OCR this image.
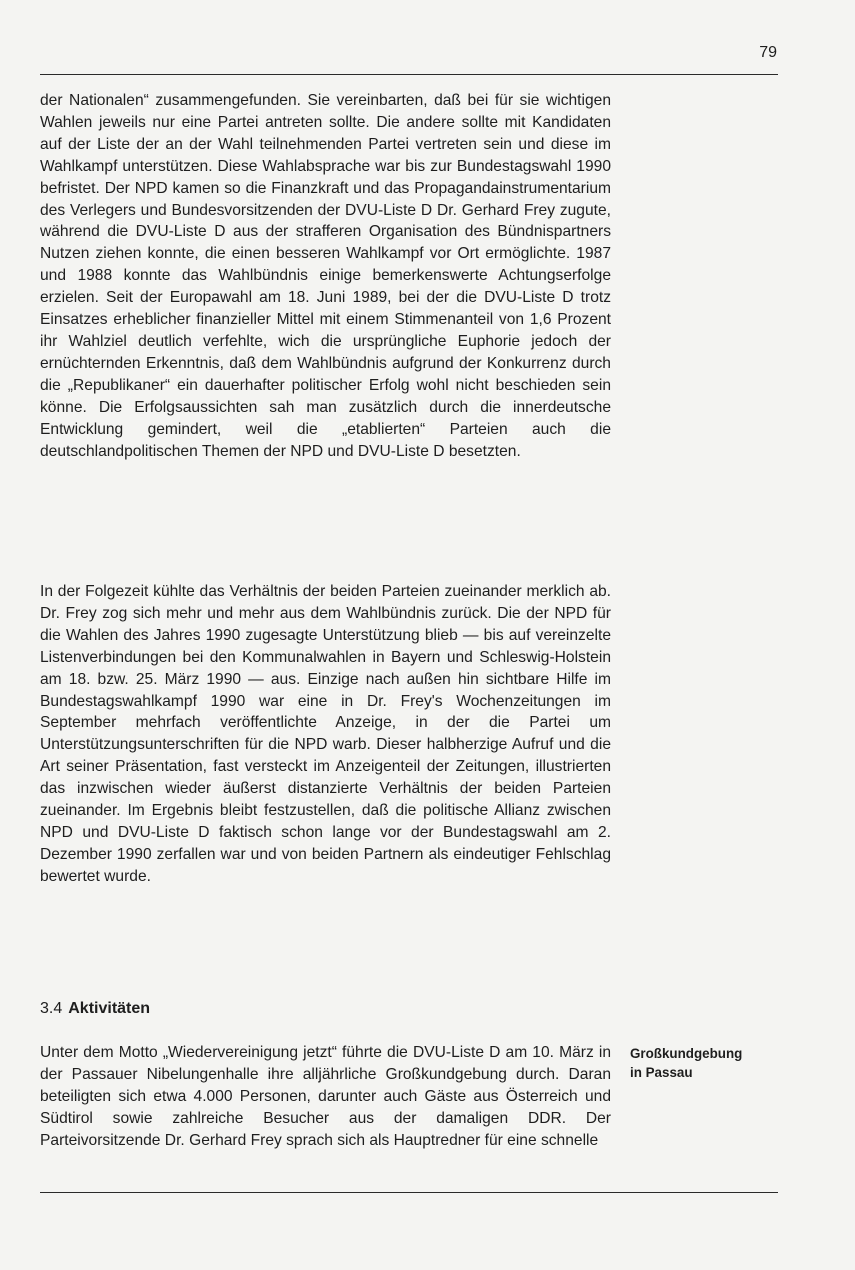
79

der Nationalen“ zusammengefunden. Sie vereinbarten, daß bei für sie wichtigen Wahlen jeweils nur eine Partei antreten sollte. Die andere sollte mit Kandidaten auf der Liste der an der Wahl teilnehmenden Partei vertreten sein und diese im Wahlkampf unterstützen. Diese Wahlabsprache war bis zur Bundestagswahl 1990 befristet. Der NPD kamen so die Finanzkraft und das Propagandainstrumentarium des Verlegers und Bundesvorsitzenden der DVU-Liste D Dr. Gerhard Frey zugute, während die DVU-Liste D aus der strafferen Organisation des Bündnispartners Nutzen ziehen konnte, die einen besseren Wahlkampf vor Ort ermöglichte. 1987 und 1988 konnte das Wahlbündnis einige bemerkenswerte Achtungserfolge erzielen. Seit der Europawahl am 18. Juni 1989, bei der die DVU-Liste D trotz Einsatzes erheblicher finanzieller Mittel mit einem Stimmenanteil von 1,6 Prozent ihr Wahlziel deutlich verfehlte, wich die ursprüngliche Euphorie jedoch der ernüchternden Erkenntnis, daß dem Wahlbündnis aufgrund der Konkurrenz durch die „Republikaner“ ein dauerhafter politischer Erfolg wohl nicht beschieden sein könne. Die Erfolgsaussichten sah man zusätzlich durch die innerdeutsche Entwicklung gemindert, weil die „etablierten“ Parteien auch die deutschlandpolitischen Themen der NPD und DVU-Liste D besetzten.

In der Folgezeit kühlte das Verhältnis der beiden Parteien zueinander merklich ab. Dr. Frey zog sich mehr und mehr aus dem Wahlbündnis zurück. Die der NPD für die Wahlen des Jahres 1990 zugesagte Unterstützung blieb — bis auf vereinzelte Listenverbindungen bei den Kommunalwahlen in Bayern und Schleswig-Holstein am 18. bzw. 25. März 1990 — aus. Einzige nach außen hin sichtbare Hilfe im Bundestagswahlkampf 1990 war eine in Dr. Frey's Wochenzeitungen im September mehrfach veröffentlichte Anzeige, in der die Partei um Unterstützungsunterschriften für die NPD warb. Dieser halbherzige Aufruf und die Art seiner Präsentation, fast versteckt im Anzeigenteil der Zeitungen, illustrierten das inzwischen wieder äußerst distanzierte Verhältnis der beiden Parteien zueinander. Im Ergebnis bleibt festzustellen, daß die politische Allianz zwischen NPD und DVU-Liste D faktisch schon lange vor der Bundestagswahl am 2. Dezember 1990 zerfallen war und von beiden Partnern als eindeutiger Fehlschlag bewertet wurde.

3.4 Aktivitäten

Unter dem Motto „Wiedervereinigung jetzt“ führte die DVU-Liste D am 10. März in der Passauer Nibelungenhalle ihre alljährliche Großkundgebung durch. Daran beteiligten sich etwa 4.000 Personen, darunter auch Gäste aus Österreich und Südtirol sowie zahlreiche Besucher aus der damaligen DDR. Der Parteivorsitzende Dr. Gerhard Frey sprach sich als Hauptredner für eine schnelle

Großkundgebung
in Passau
